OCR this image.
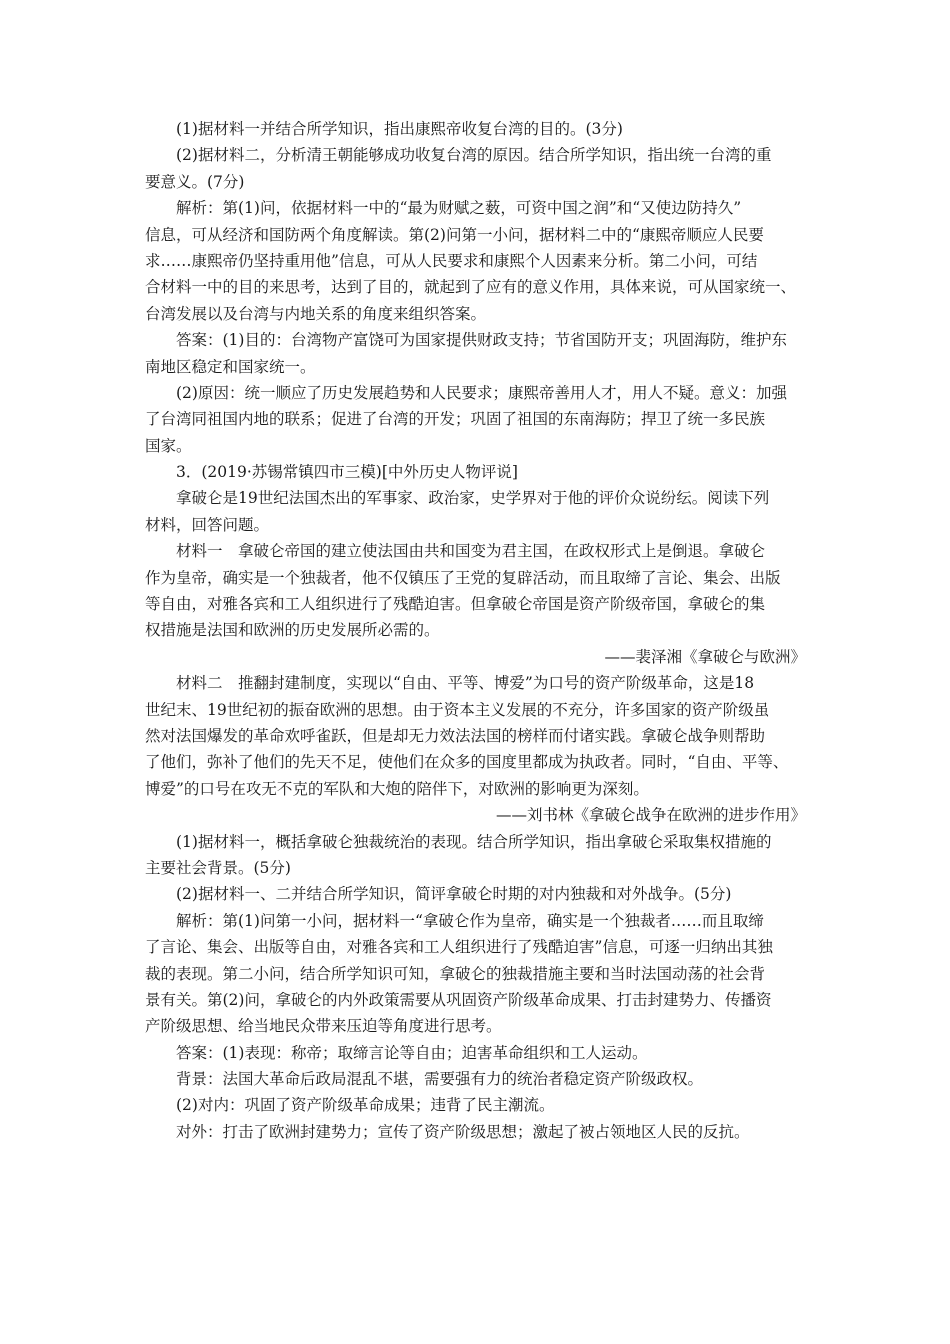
(1)据材料一并结合所学知识，指出康熙帝收复台湾的目的。(3分)
(2)据材料二，分析清王朝能够成功收复台湾的原因。结合所学知识，指出统一台湾的重
要意义。(7分)
解析：第(1)问，依据材料一中的“最为财赋之薮，可资中国之润”和“又使边防持久”
信息，可从经济和国防两个角度解读。第(2)问第一小问，据材料二中的“康熙帝顺应人民要
求……康熙帝仍坚持重用他”信息，可从人民要求和康熙个人因素来分析。第二小问，可结
合材料一中的目的来思考，达到了目的，就起到了应有的意义作用，具体来说，可从国家统一、
台湾发展以及台湾与内地关系的角度来组织答案。
答案：(1)目的：台湾物产富饶可为国家提供财政支持；节省国防开支；巩固海防，维护东
南地区稳定和国家统一。
(2)原因：统一顺应了历史发展趋势和人民要求；康熙帝善用人才，用人不疑。意义：加强
了台湾同祖国内地的联系；促进了台湾的开发；巩固了祖国的东南海防；捍卫了统一多民族
国家。
3．(2019·苏锡常镇四市三模)[中外历史人物评说]
拿破仑是19世纪法国杰出的军事家、政治家，史学界对于他的评价众说纷纭。阅读下列
材料，回答问题。
材料一　拿破仑帝国的建立使法国由共和国变为君主国，在政权形式上是倒退。拿破仑
作为皇帝，确实是一个独裁者，他不仅镇压了王党的复辟活动，而且取缔了言论、集会、出版
等自由，对雅各宾和工人组织进行了残酷迫害。但拿破仑帝国是资产阶级帝国，拿破仑的集
权措施是法国和欧洲的历史发展所必需的。
——裴泽湘《拿破仑与欧洲》
材料二　推翻封建制度，实现以“自由、平等、博爱”为口号的资产阶级革命，这是18
世纪末、19世纪初的振奋欧洲的思想。由于资本主义发展的不充分，许多国家的资产阶级虽
然对法国爆发的革命欢呼雀跃，但是却无力效法法国的榜样而付诸实践。拿破仑战争则帮助
了他们，弥补了他们的先天不足，使他们在众多的国度里都成为执政者。同时，“自由、平等、
博爱”的口号在攻无不克的军队和大炮的陪伴下，对欧洲的影响更为深刻。
——刘书林《拿破仑战争在欧洲的进步作用》
(1)据材料一，概括拿破仑独裁统治的表现。结合所学知识，指出拿破仑采取集权措施的
主要社会背景。(5分)
(2)据材料一、二并结合所学知识，简评拿破仑时期的对内独裁和对外战争。(5分)
解析：第(1)问第一小问，据材料一“拿破仑作为皇帝，确实是一个独裁者……而且取缔
了言论、集会、出版等自由，对雅各宾和工人组织进行了残酷迫害”信息，可逐一归纳出其独
裁的表现。第二小问，结合所学知识可知，拿破仑的独裁措施主要和当时法国动荡的社会背
景有关。第(2)问，拿破仑的内外政策需要从巩固资产阶级革命成果、打击封建势力、传播资
产阶级思想、给当地民众带来压迫等角度进行思考。
答案：(1)表现：称帝；取缔言论等自由；迫害革命组织和工人运动。
背景：法国大革命后政局混乱不堪，需要强有力的统治者稳定资产阶级政权。
(2)对内：巩固了资产阶级革命成果；违背了民主潮流。
对外：打击了欧洲封建势力；宣传了资产阶级思想；激起了被占领地区人民的反抗。
